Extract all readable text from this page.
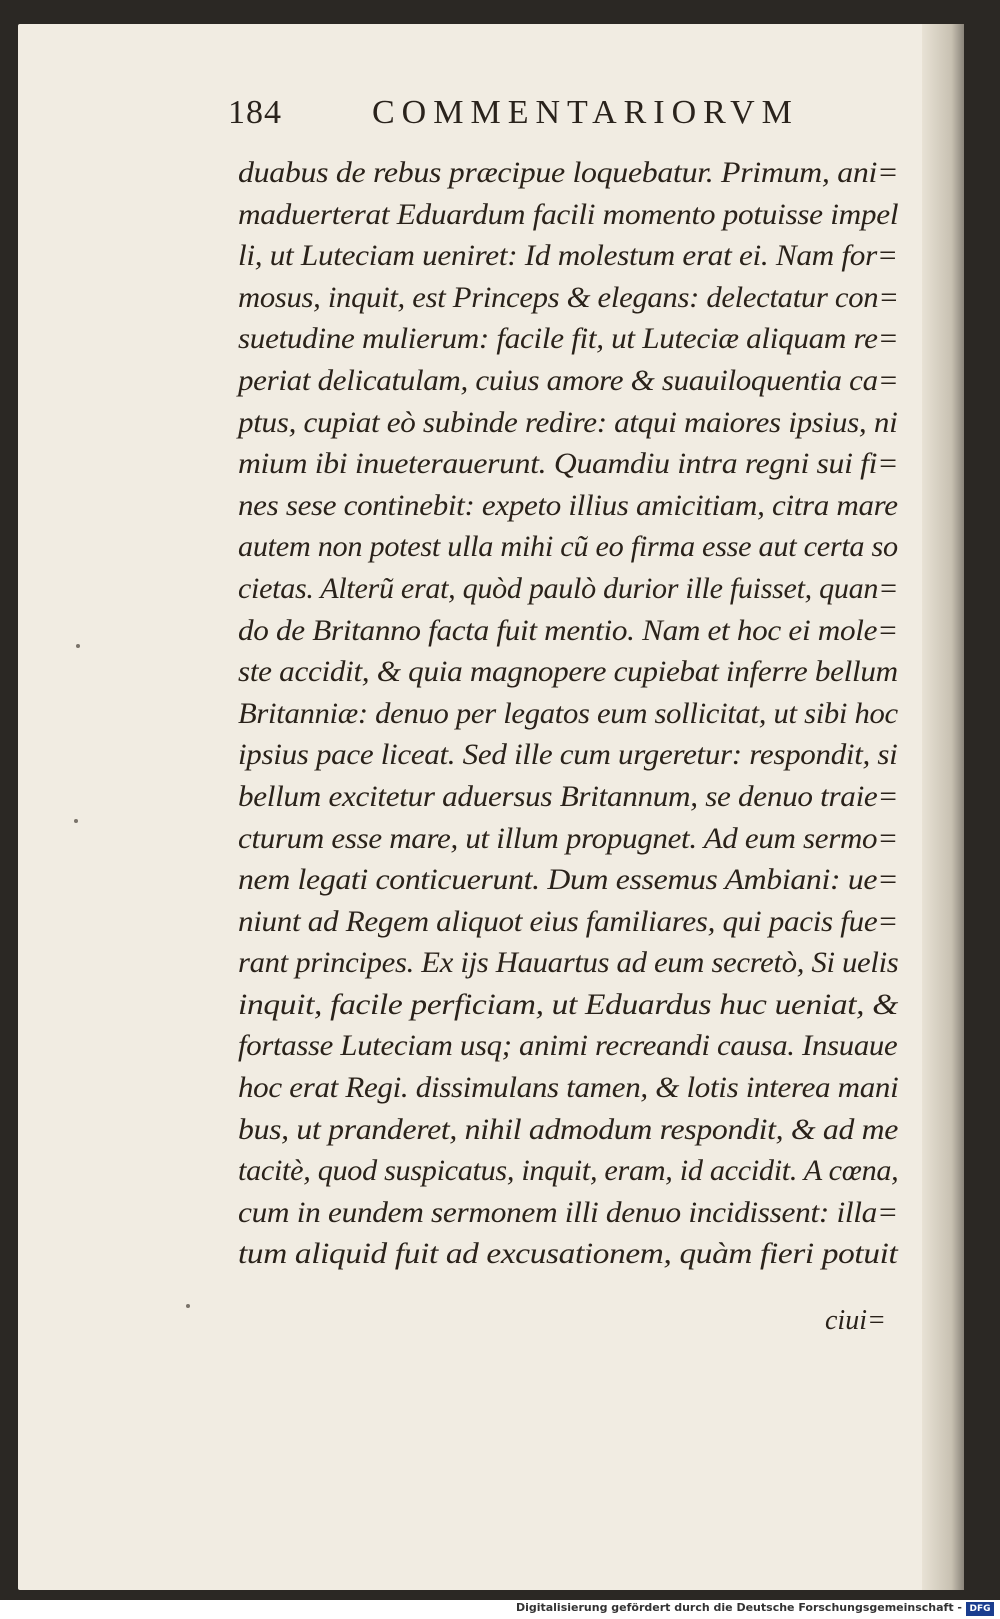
184	COMMENTARIORVM
duabus de rebus præcipue loquebatur. Primum, ani=
maduerterat Eduardum facili momento potuisse impel
li, ut Luteciam ueniret: Id molestum erat ei. Nam for=
mosus, inquit, est Princeps & elegans: delectatur con=
suetudine mulierum: facile fit, ut Luteciæ aliquam re=
periat delicatulam, cuius amore & suauiloquentia ca=
ptus, cupiat eò subinde redire: atqui maiores ipsius, ni
mium ibi inueterauerunt. Quamdiu intra regni sui fi=
nes sese continebit: expeto illius amicitiam, citra mare
autem non potest ulla mihi cũ eo firma esse aut certa so
cietas. Alterũ erat, quòd paulò durior ille fuisset, quan=
do de Britanno facta fuit mentio. Nam et hoc ei mole=
ste accidit, & quia magnopere cupiebat inferre bellum
Britanniæ: denuo per legatos eum sollicitat, ut sibi hoc
ipsius pace liceat. Sed ille cum urgeretur: respondit, si
bellum excitetur aduersus Britannum, se denuo traie=
cturum esse mare, ut illum propugnet. Ad eum sermo=
nem legati conticuerunt. Dum essemus Ambiani: ue=
niunt ad Regem aliquot eius familiares, qui pacis fue=
rant principes. Ex ijs Hauartus ad eum secretò, Si uelis
inquit, facile perficiam, ut Eduardus huc ueniat, &
fortasse Luteciam usq; animi recreandi causa. Insuaue
hoc erat Regi. dissimulans tamen, & lotis interea mani
bus, ut pranderet, nihil admodum respondit, & ad me
tacitè, quod suspicatus, inquit, eram, id accidit. A cœna,
cum in eundem sermonem illi denuo incidissent: illa=
tum aliquid fuit ad excusationem, quàm fieri potuit
ciui=
Digitalisierung gefördert durch die Deutsche Forschungsgemeinschaft - DFG
